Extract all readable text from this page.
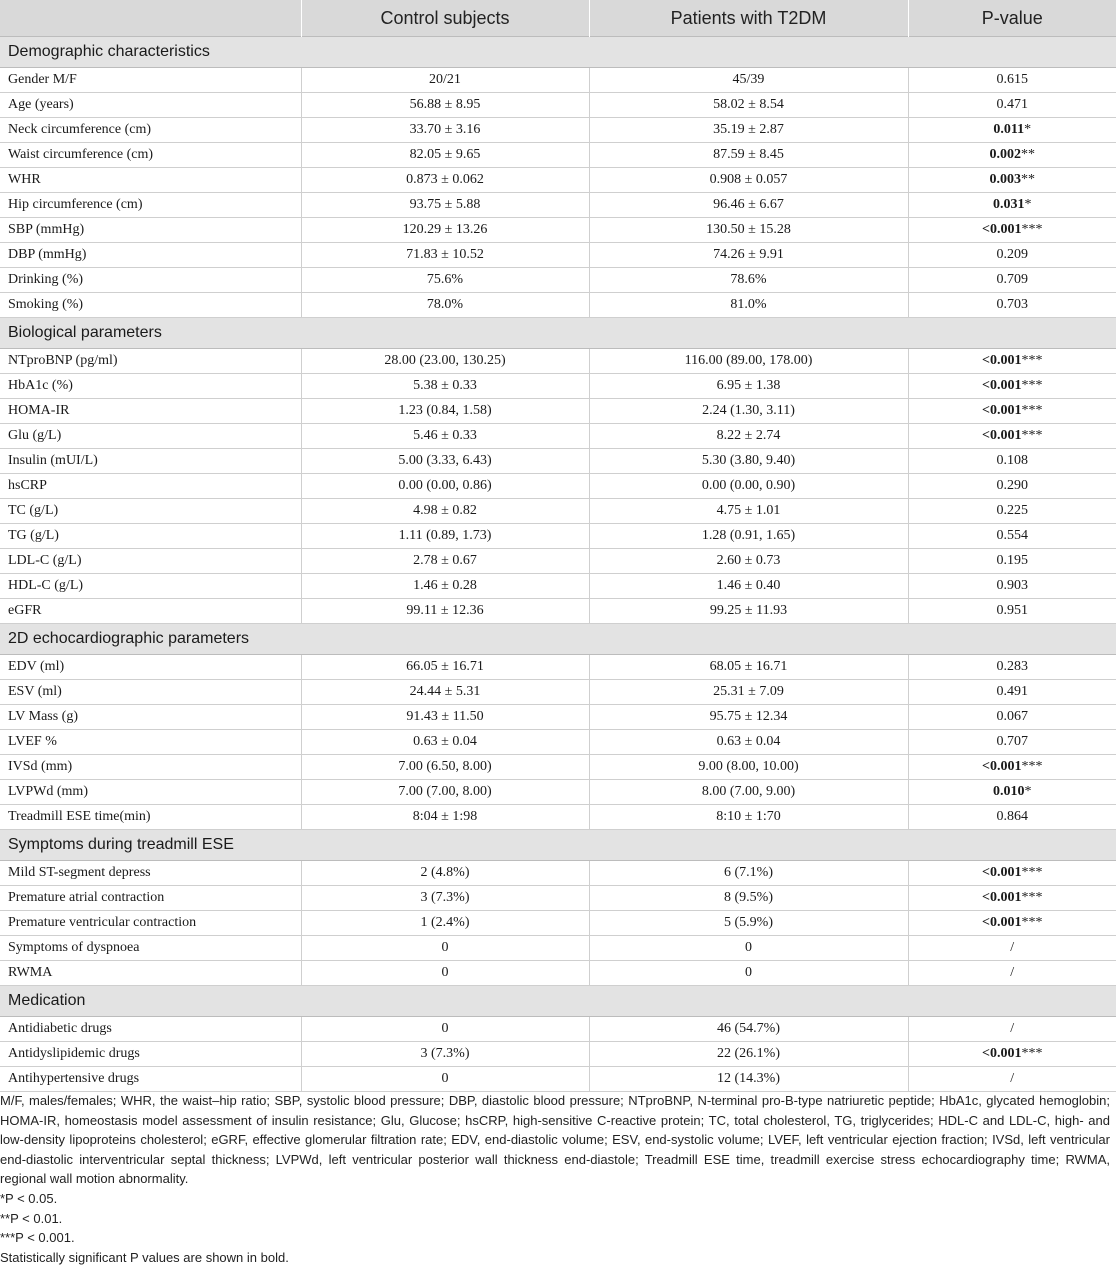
	Control subjects	Patients with T2DM	P-value
Demographic characteristics			
Gender M/F	20/21	45/39	0.615
Age (years)	56.88 ± 8.95	58.02 ± 8.54	0.471
Neck circumference (cm)	33.70 ± 3.16	35.19 ± 2.87	0.011*
Waist circumference (cm)	82.05 ± 9.65	87.59 ± 8.45	0.002**
WHR	0.873 ± 0.062	0.908 ± 0.057	0.003**
Hip circumference (cm)	93.75 ± 5.88	96.46 ± 6.67	0.031*
SBP (mmHg)	120.29 ± 13.26	130.50 ± 15.28	<0.001***
DBP (mmHg)	71.83 ± 10.52	74.26 ± 9.91	0.209
Drinking (%)	75.6%	78.6%	0.709
Smoking (%)	78.0%	81.0%	0.703
Biological parameters			
NTproBNP (pg/ml)	28.00 (23.00, 130.25)	116.00 (89.00, 178.00)	<0.001***
HbA1c (%)	5.38 ± 0.33	6.95 ± 1.38	<0.001***
HOMA-IR	1.23 (0.84, 1.58)	2.24 (1.30, 3.11)	<0.001***
Glu (g/L)	5.46 ± 0.33	8.22 ± 2.74	<0.001***
Insulin (mUI/L)	5.00 (3.33, 6.43)	5.30 (3.80, 9.40)	0.108
hsCRP	0.00 (0.00, 0.86)	0.00 (0.00, 0.90)	0.290
TC (g/L)	4.98 ± 0.82	4.75 ± 1.01	0.225
TG (g/L)	1.11 (0.89, 1.73)	1.28 (0.91, 1.65)	0.554
LDL-C (g/L)	2.78 ± 0.67	2.60 ± 0.73	0.195
HDL-C (g/L)	1.46 ± 0.28	1.46 ± 0.40	0.903
eGFR	99.11 ± 12.36	99.25 ± 11.93	0.951
2D echocardiographic parameters			
EDV (ml)	66.05 ± 16.71	68.05 ± 16.71	0.283
ESV (ml)	24.44 ± 5.31	25.31 ± 7.09	0.491
LV Mass (g)	91.43 ± 11.50	95.75 ± 12.34	0.067
LVEF %	0.63 ± 0.04	0.63 ± 0.04	0.707
IVSd (mm)	7.00 (6.50, 8.00)	9.00 (8.00, 10.00)	<0.001***
LVPWd (mm)	7.00 (7.00, 8.00)	8.00 (7.00, 9.00)	0.010*
Treadmill ESE time(min)	8:04 ± 1:98	8:10 ± 1:70	0.864
Symptoms during treadmill ESE			
Mild ST-segment depress	2 (4.8%)	6 (7.1%)	<0.001***
Premature atrial contraction	3 (7.3%)	8 (9.5%)	<0.001***
Premature ventricular contraction	1 (2.4%)	5 (5.9%)	<0.001***
Symptoms of dyspnoea	0	0	/
RWMA	0	0	/
Medication			
Antidiabetic drugs	0	46 (54.7%)	/
Antidyslipidemic drugs	3 (7.3%)	22 (26.1%)	<0.001***
Antihypertensive drugs	0	12 (14.3%)	/

M/F, males/females; WHR, the waist–hip ratio; SBP, systolic blood pressure; DBP, diastolic blood pressure; NTproBNP, N-terminal pro-B-type natriuretic peptide; HbA1c, glycated hemoglobin; HOMA-IR, homeostasis model assessment of insulin resistance; Glu, Glucose; hsCRP, high-sensitive C-reactive protein; TC, total cholesterol, TG, triglycerides; HDL-C and LDL-C, high- and low-density lipoproteins cholesterol; eGRF, effective glomerular filtration rate; EDV, end-diastolic volume; ESV, end-systolic volume; LVEF, left ventricular ejection fraction; IVSd, left ventricular end-diastolic interventricular septal thickness; LVPWd, left ventricular posterior wall thickness end-diastole; Treadmill ESE time, treadmill exercise stress echocardiography time; RWMA, regional wall motion abnormality.

*P < 0.05.

**P < 0.01.

***P < 0.001.

Statistically significant P values are shown in bold.
